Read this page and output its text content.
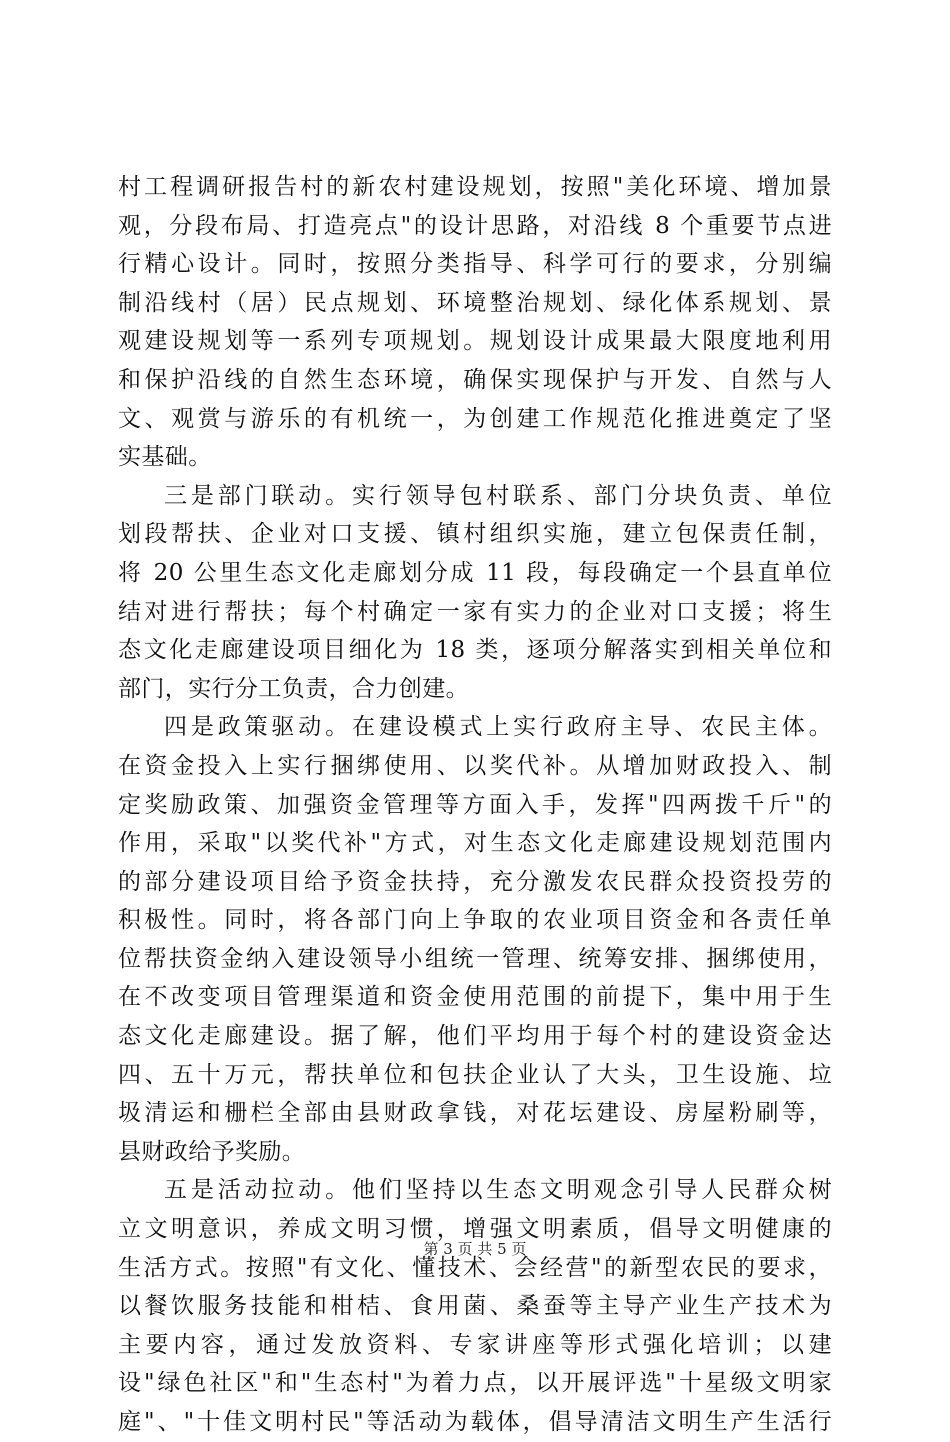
村工程调研报告村的新农村建设规划，按照"美化环境、增加景
观，分段布局、打造亮点"的设计思路，对沿线 8 个重要节点进
行精心设计。同时，按照分类指导、科学可行的要求，分别编
制沿线村（居）民点规划、环境整治规划、绿化体系规划、景
观建设规划等一系列专项规划。规划设计成果最大限度地利用
和保护沿线的自然生态环境，确保实现保护与开发、自然与人
文、观赏与游乐的有机统一，为创建工作规范化推进奠定了坚
实基础。
三是部门联动。实行领导包村联系、部门分块负责、单位
划段帮扶、企业对口支援、镇村组织实施，建立包保责任制，
将 20 公里生态文化走廊划分成 11 段，每段确定一个县直单位
结对进行帮扶；每个村确定一家有实力的企业对口支援；将生
态文化走廊建设项目细化为 18 类，逐项分解落实到相关单位和
部门，实行分工负责，合力创建。
四是政策驱动。在建设模式上实行政府主导、农民主体。
在资金投入上实行捆绑使用、以奖代补。从增加财政投入、制
定奖励政策、加强资金管理等方面入手，发挥"四两拨千斤"的
作用，采取"以奖代补"方式，对生态文化走廊建设规划范围内
的部分建设项目给予资金扶持，充分激发农民群众投资投劳的
积极性。同时，将各部门向上争取的农业项目资金和各责任单
位帮扶资金纳入建设领导小组统一管理、统筹安排、捆绑使用，
在不改变项目管理渠道和资金使用范围的前提下，集中用于生
态文化走廊建设。据了解，他们平均用于每个村的建设资金达
四、五十万元，帮扶单位和包扶企业认了大头，卫生设施、垃
圾清运和栅栏全部由县财政拿钱，对花坛建设、房屋粉刷等，
县财政给予奖励。
五是活动拉动。他们坚持以生态文明观念引导人民群众树
立文明意识，养成文明习惯，增强文明素质，倡导文明健康的
生活方式。按照"有文化、懂技术、会经营"的新型农民的要求，
以餐饮服务技能和柑桔、食用菌、桑蚕等主导产业生产技术为
主要内容，通过发放资料、专家讲座等形式强化培训；以建
设"绿色社区"和"生态村"为着力点，以开展评选"十星级文明家
庭"、"十佳文明村民"等活动为载体，倡导清洁文明生产生活行
第 3 页 共 5 页
